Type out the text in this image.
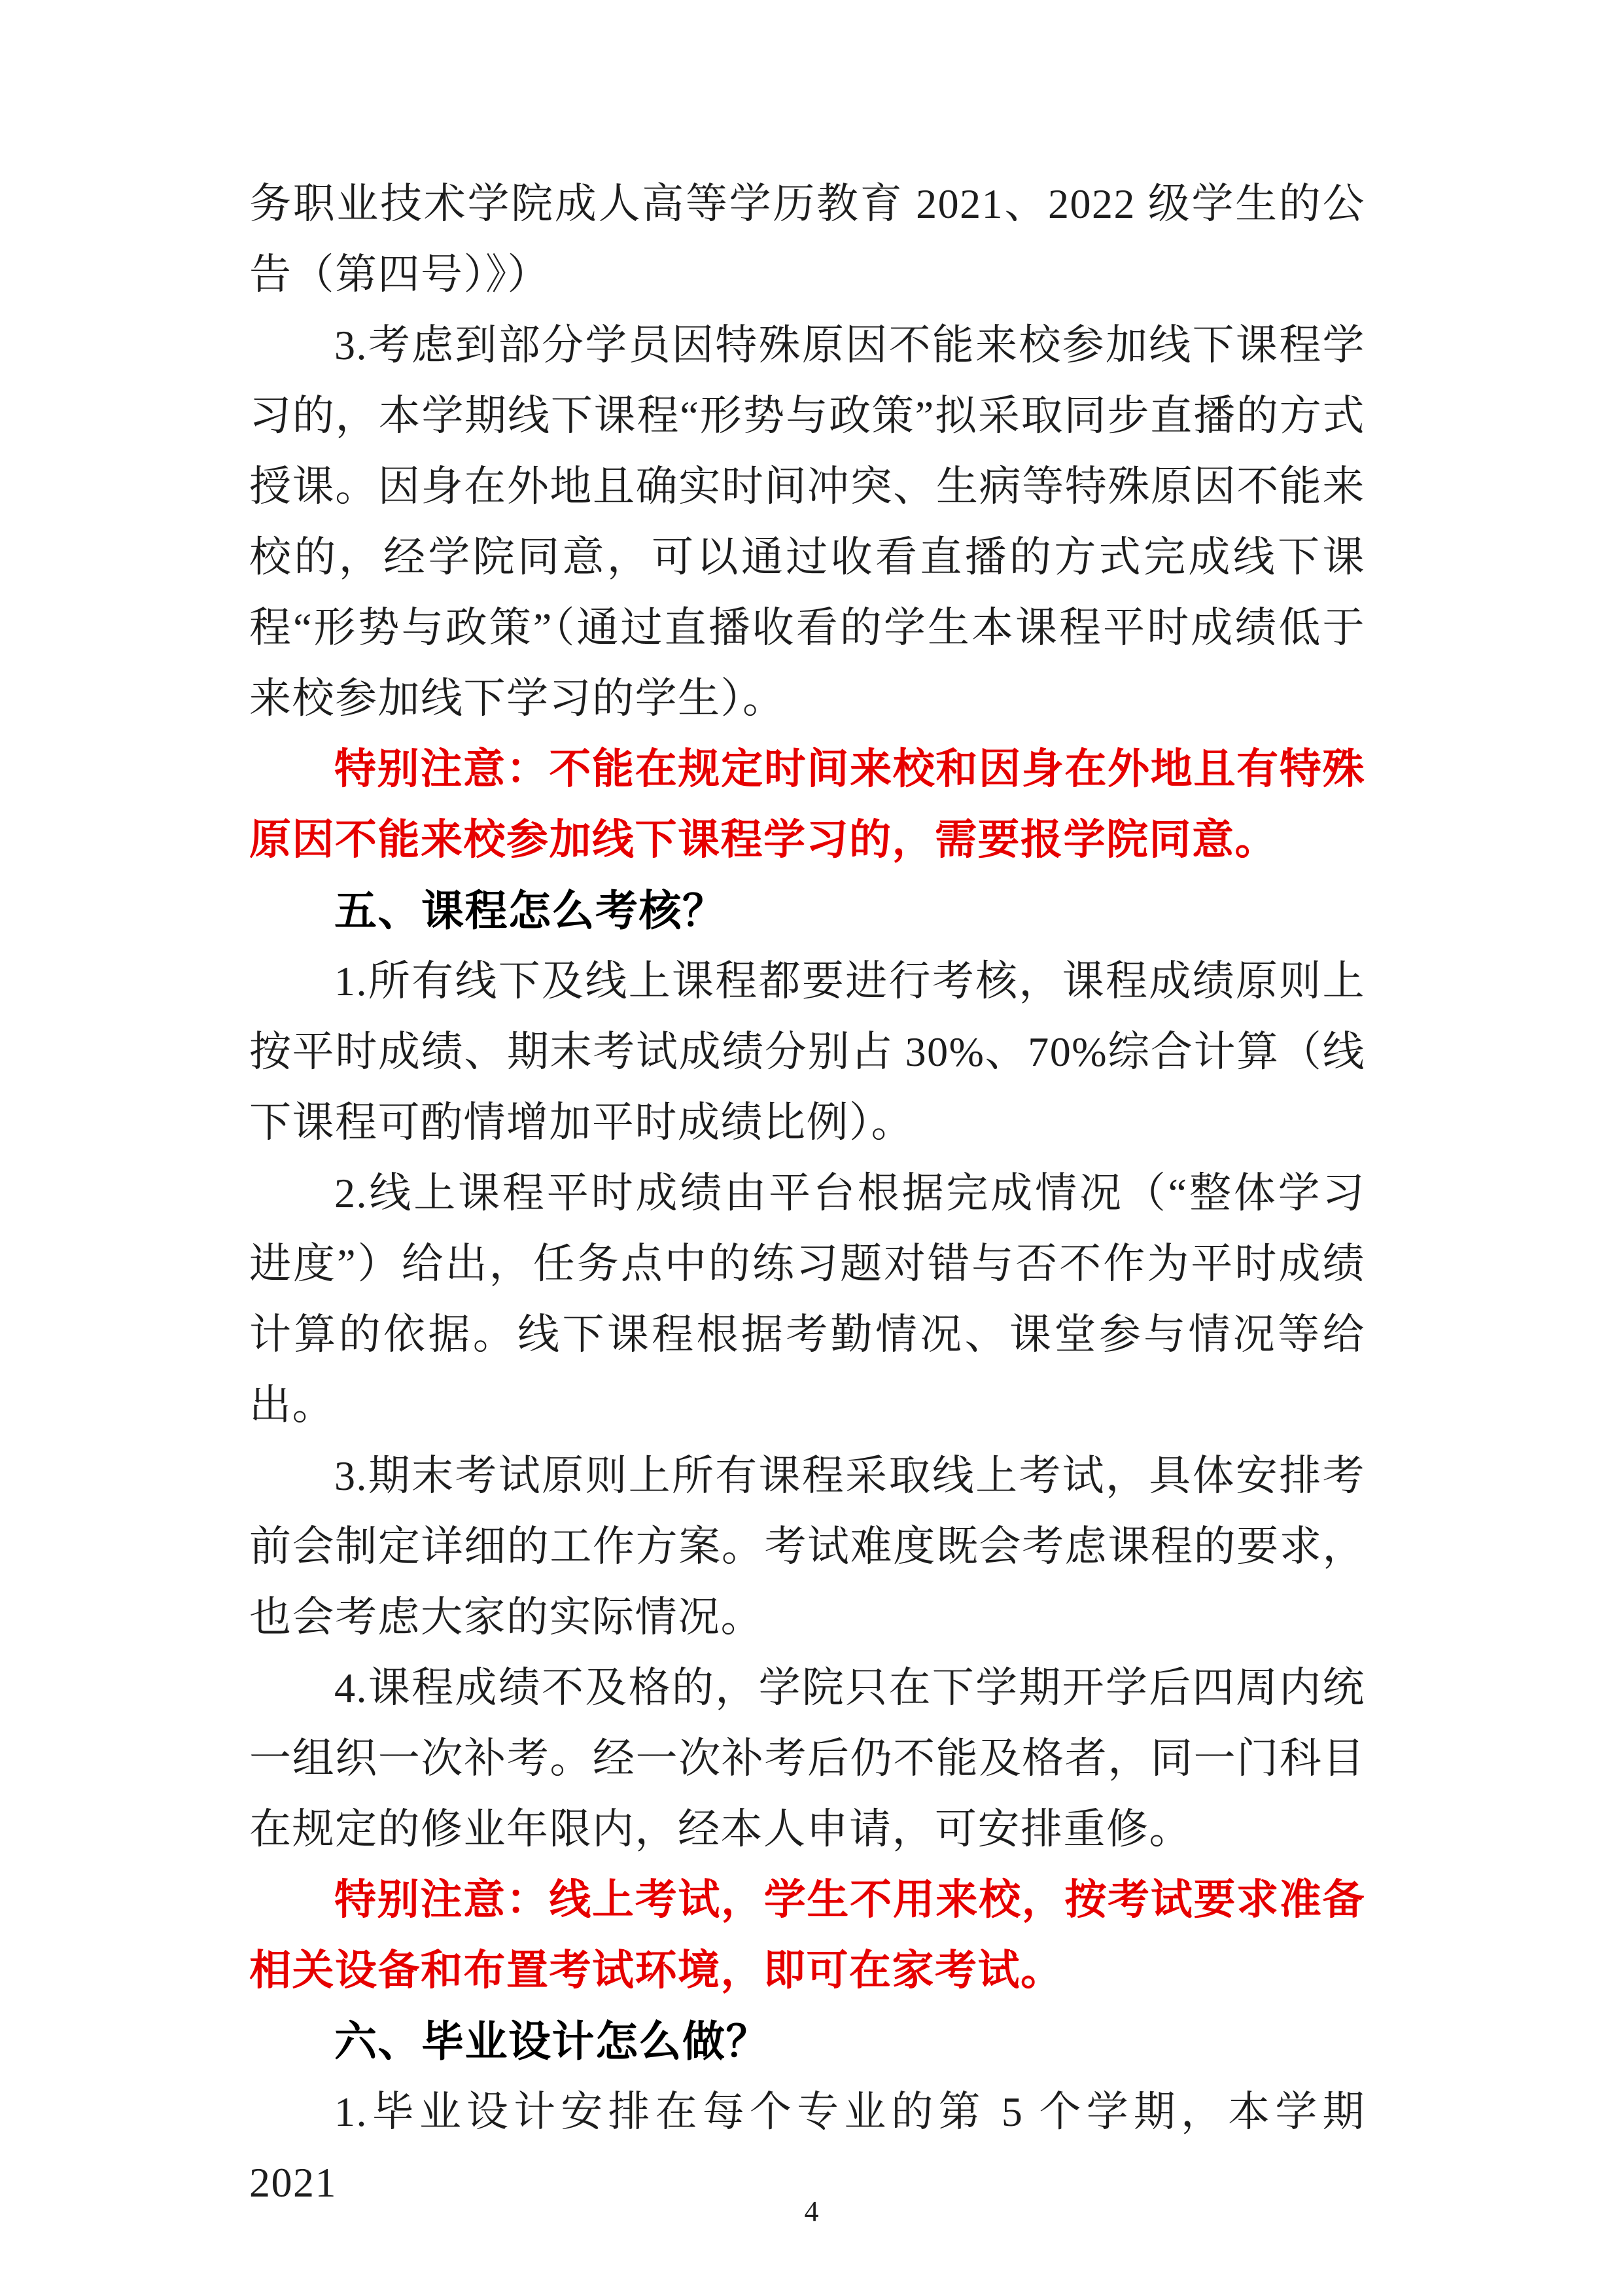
务职业技术学院成人高等学历教育 2021、2022 级学生的公告（第四号）》）

3.考虑到部分学员因特殊原因不能来校参加线下课程学习的，本学期线下课程“形势与政策”拟采取同步直播的方式授课。因身在外地且确实时间冲突、生病等特殊原因不能来校的，经学院同意，可以通过收看直播的方式完成线下课程“形势与政策”（通过直播收看的学生本课程平时成绩低于来校参加线下学习的学生）。

特别注意：不能在规定时间来校和因身在外地且有特殊原因不能来校参加线下课程学习的，需要报学院同意。

五、课程怎么考核？

1.所有线下及线上课程都要进行考核，课程成绩原则上按平时成绩、期末考试成绩分别占 30%、70%综合计算（线下课程可酌情增加平时成绩比例）。

2.线上课程平时成绩由平台根据完成情况（“整体学习进度”）给出，任务点中的练习题对错与否不作为平时成绩计算的依据。线下课程根据考勤情况、课堂参与情况等给出。

3.期末考试原则上所有课程采取线上考试，具体安排考前会制定详细的工作方案。考试难度既会考虑课程的要求，也会考虑大家的实际情况。

4.课程成绩不及格的，学院只在下学期开学后四周内统一组织一次补考。经一次补考后仍不能及格者，同一门科目在规定的修业年限内，经本人申请，可安排重修。

特别注意：线上考试，学生不用来校，按考试要求准备相关设备和布置考试环境，即可在家考试。

六、毕业设计怎么做？

1.毕业设计安排在每个专业的第 5 个学期，本学期 2021

4
